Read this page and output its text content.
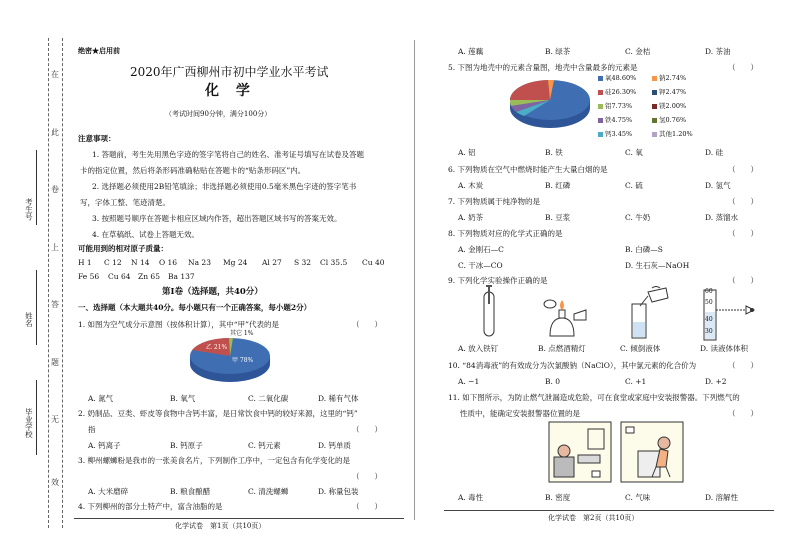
在
此
卷
上
答
题
无
效
考生号
姓名
毕业学校
绝密★启用前
2020年广西柳州市初中学业水平考试
化 学
（考试时间90分钟，满分100分）
注意事项：
1. 答题前，考生先用黑色字迹的签字笔将自己的姓名、准考证号填写在试卷及答题
卡的指定位置，然后将条形码准确粘贴在答题卡的“贴条形码区”内。
2. 选择题必须使用2B铅笔填涂；非选择题必须使用0.5毫米黑色字迹的签字笔书
写，字体工整、笔迹清楚。
3. 按照题号顺序在答题卡相应区域内作答，超出答题区域书写的答案无效。
4. 在草稿纸、试卷上答题无效。
可能用到的相对原子质量：
H 1 C 12 N 14 O 16 Na 23 Mg 24 Al 27 S 32 Cl 35.5 Cu 40
Fe 56 Cu 64 Zn 65 Ba 137
第Ⅰ卷（选择题，共40分）
一、选择题（本大题共40分。每小题只有一个正确答案，每小题2分）
1. 如图为空气成分示意图（按体积计算），其中“甲”代表的是	（　　）
其它 1%
乙 21%
甲 78%
A. 氮气	B. 氧气	C. 二氧化碳	D. 稀有气体
2. 奶制品、豆类、虾皮等食物中含钙丰富，是日常饮食中钙的较好来源，这里的“钙”
指	（　　）
A. 钙离子	B. 钙原子	C. 钙元素	D. 钙单质
3. 柳州螺蛳粉是我市的一张美食名片，下列制作工序中，一定包含有化学变化的是
（　　）
A. 大米磨碎	B. 粮食酿醋	C. 清洗螺蛳	D. 称量包装
4. 下列柳州的部分土特产中，富含油脂的是	（　　）
化学试卷　第1页（共10页）
A. 莲藕	B. 绿茶	C. 金桔	D. 茶油
5. 下图为地壳中的元素含量图，地壳中含量最多的元素是	（　　）
氧48.60%
硅26.30%
铝7.73%
铁4.75%
钙3.45%
钠2.74%
钾2.47%
镁2.00%
氢0.76%
其他1.20%
A. 铝	B. 铁	C. 氧	D. 硅
6. 下列物质在空气中燃烧时能产生大量白烟的是	（　　）
A. 木炭	B. 红磷	C. 硫	D. 氢气
7. 下列物质属于纯净物的是	（　　）
A. 奶茶	B. 豆浆	C. 牛奶	D. 蒸馏水
8. 下列物质对应的化学式正确的是	（　　）
A. 金刚石—C	B. 白磷—S
C. 干冰—CO	D. 生石灰—NaOH
9. 下列化学实验操作正确的是	（　　）
60
50
40
30
A. 放入铁钉	B. 点燃酒精灯	C. 倾倒液体	D. 读液体体积
10. “84消毒液”的有效成分为次氯酸钠（NaClO），其中氯元素的化合价为	（　　）
A. −1	B. 0	C. +1	D. +2
11. 如下图所示，为防止燃气泄漏造成危险，可在食堂或家庭中安装报警器。下列燃气的
性质中，能确定安装报警器位置的是	（　　）
A. 毒性	B. 密度	C. 气味	D. 溶解性
化学试卷　第2页（共10页）
